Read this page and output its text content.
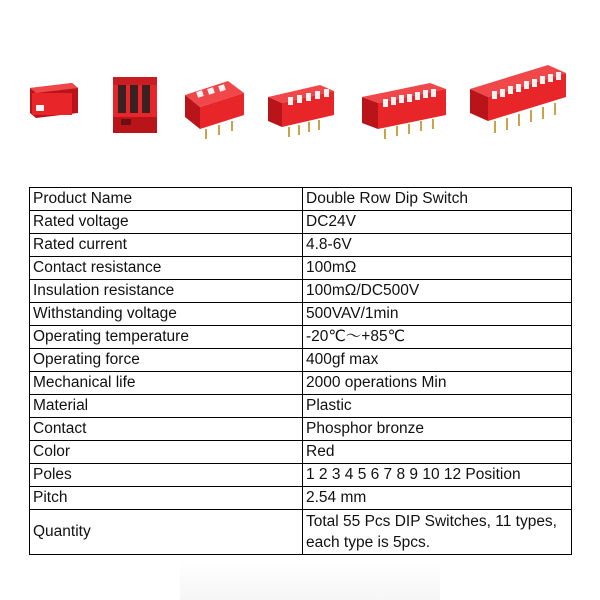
Product Name	Double Row Dip Switch
Rated voltage	DC24V
Rated current	4.8-6V
Contact resistance	100mΩ
Insulation resistance	100mΩ/DC500V
Withstanding voltage	500VAV/1min
Operating temperature	-20℃～+85℃
Operating force	400gf max
Mechanical life	2000 operations Min
Material	Plastic
Contact	Phosphor bronze
Color	Red
Poles	1 2 3 4 5 6 7 8 9 10 12 Position
Pitch	2.54 mm
Quantity	Total 55 Pcs DIP Switches, 11 types, each type is 5pcs.
